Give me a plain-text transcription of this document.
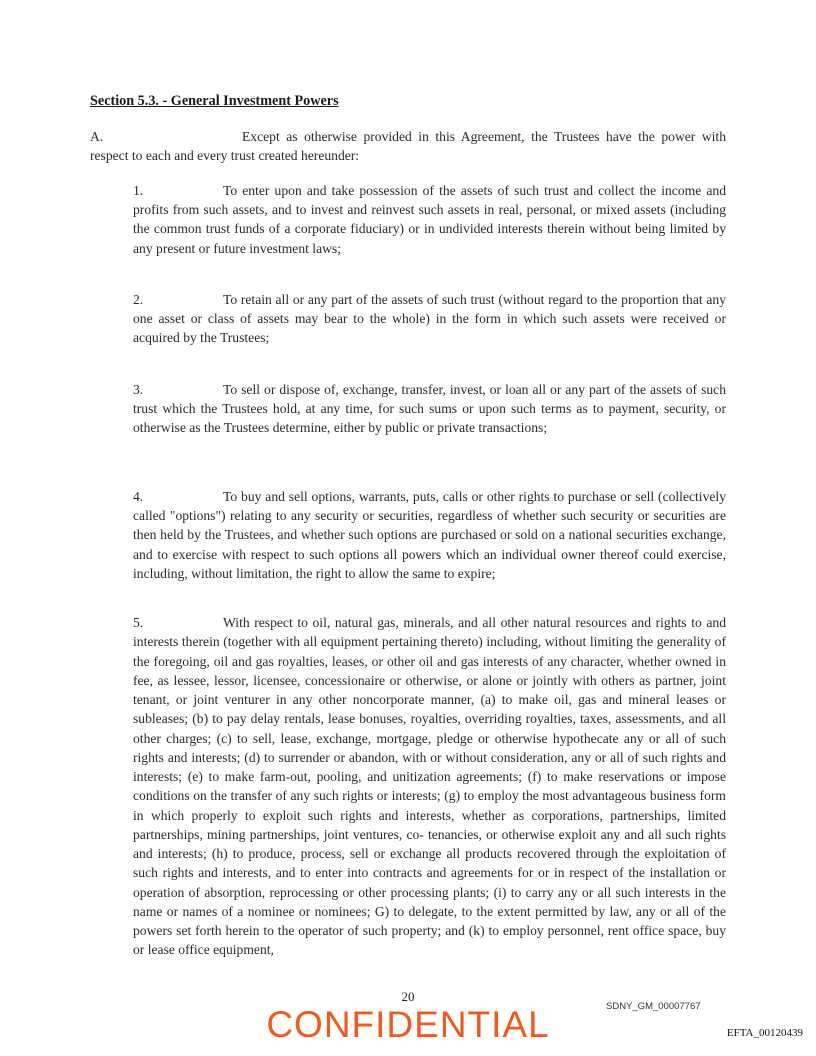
Section 5.3. - General Investment Powers
A.	Except as otherwise provided in this Agreement, the Trustees have the power with respect to each and every trust created hereunder:
1.	To enter upon and take possession of the assets of such trust and collect the income and profits from such assets, and to invest and reinvest such assets in real, personal, or mixed assets (including the common trust funds of a corporate fiduciary) or in undivided interests therein without being limited by any present or future investment laws;
2.	To retain all or any part of the assets of such trust (without regard to the proportion that any one asset or class of assets may bear to the whole) in the form in which such assets were received or acquired by the Trustees;
3.	To sell or dispose of, exchange, transfer, invest, or loan all or any part of the assets of such trust which the Trustees hold, at any time, for such sums or upon such terms as to payment, security, or otherwise as the Trustees determine, either by public or private transactions;
4.	To buy and sell options, warrants, puts, calls or other rights to purchase or sell (collectively called "options") relating to any security or securities, regardless of whether such security or securities are then held by the Trustees, and whether such options are purchased or sold on a national securities exchange, and to exercise with respect to such options all powers which an individual owner thereof could exercise, including, without limitation, the right to allow the same to expire;
5.	With respect to oil, natural gas, minerals, and all other natural resources and rights to and interests therein (together with all equipment pertaining thereto) including, without limiting the generality of the foregoing, oil and gas royalties, leases, or other oil and gas interests of any character, whether owned in fee, as lessee, lessor, licensee, concessionaire or otherwise, or alone or jointly with others as partner, joint tenant, or joint venturer in any other noncorporate manner, (a) to make oil, gas and mineral leases or subleases; (b) to pay delay rentals, lease bonuses, royalties, overriding royalties, taxes, assessments, and all other charges; (c) to sell, lease, exchange, mortgage, pledge or otherwise hypothecate any or all of such rights and interests; (d) to surrender or abandon, with or without consideration, any or all of such rights and interests; (e) to make farm-out, pooling, and unitization agreements; (f) to make reservations or impose conditions on the transfer of any such rights or interests; (g) to employ the most advantageous business form in which properly to exploit such rights and interests, whether as corporations, partnerships, limited partnerships, mining partnerships, joint ventures, co- tenancies, or otherwise exploit any and all such rights and interests; (h) to produce, process, sell or exchange all products recovered through the exploitation of such rights and interests, and to enter into contracts and agreements for or in respect of the installation or operation of absorption, reprocessing or other processing plants; (i) to carry any or all such interests in the name or names of a nominee or nominees; G) to delegate, to the extent permitted by law, any or all of the powers set forth herein to the operator of such property; and (k) to employ personnel, rent office space, buy or lease office equipment,
20
CONFIDENTIAL	SDNY_GM_00007767
EFTA_00120439
